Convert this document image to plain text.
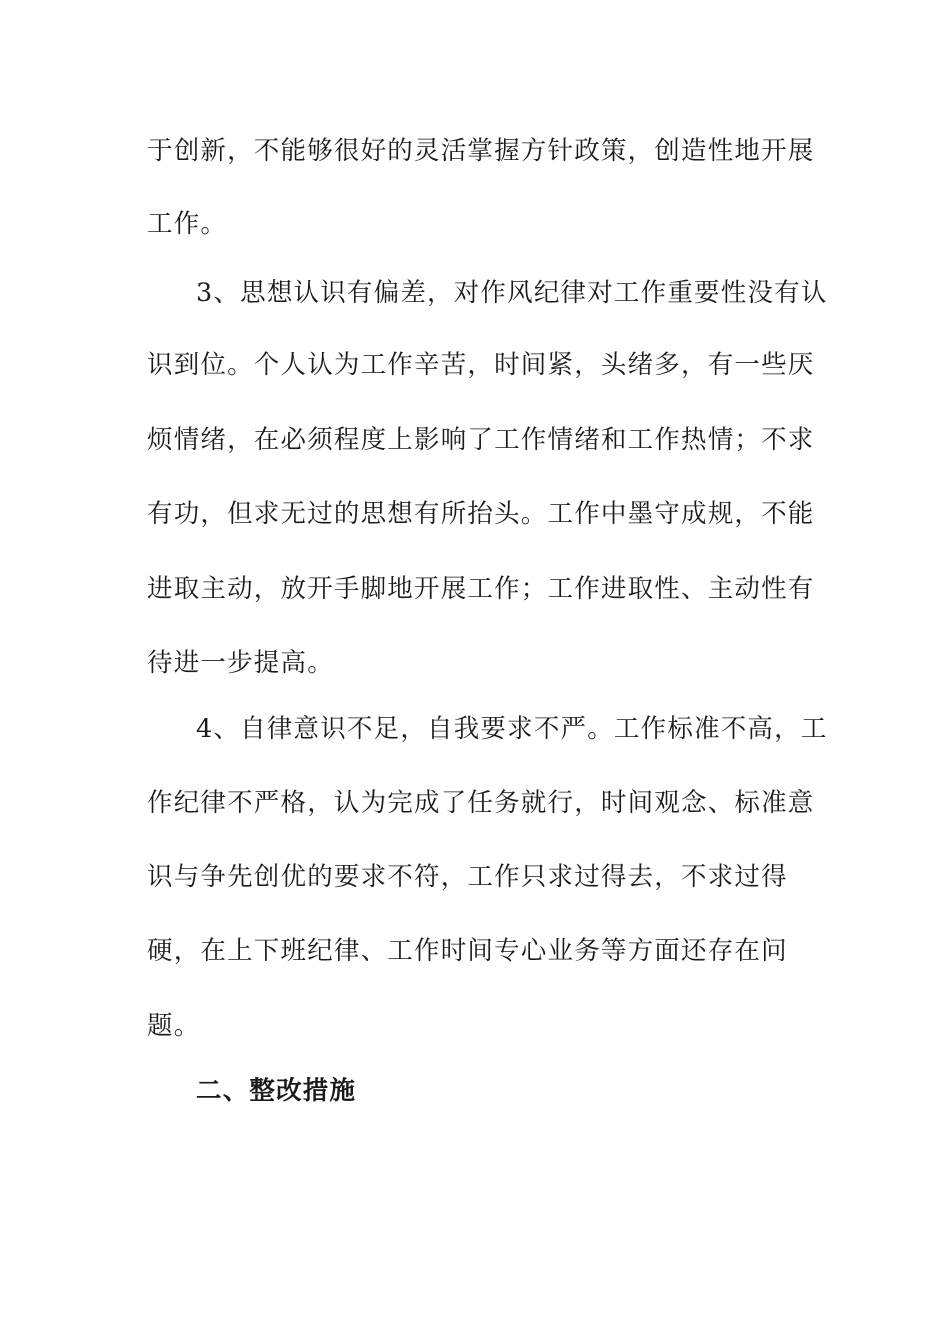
于创新，不能够很好的灵活掌握方针政策，创造性地开展

工作。

3、思想认识有偏差，对作风纪律对工作重要性没有认

识到位。个人认为工作辛苦，时间紧，头绪多，有一些厌

烦情绪，在必须程度上影响了工作情绪和工作热情；不求

有功，但求无过的思想有所抬头。工作中墨守成规，不能

进取主动，放开手脚地开展工作；工作进取性、主动性有

待进一步提高。

4、自律意识不足，自我要求不严。工作标准不高，工

作纪律不严格，认为完成了任务就行，时间观念、标准意

识与争先创优的要求不符，工作只求过得去，不求过得

硬，在上下班纪律、工作时间专心业务等方面还存在问

题。

二、整改措施
